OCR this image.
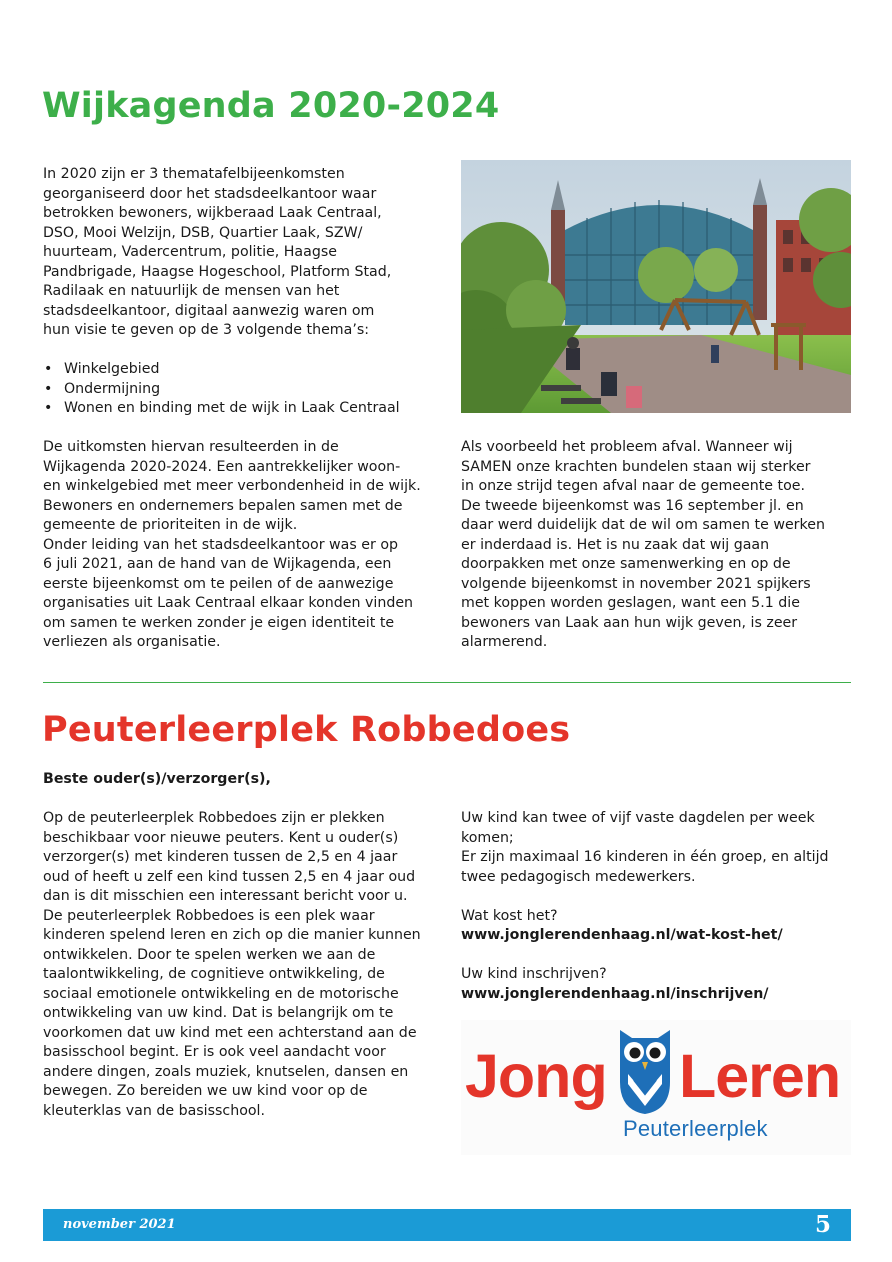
Wijkagenda 2020-2024

In 2020 zijn er 3 thematafelbijeenkomsten

georganiseerd door het stadsdeelkantoor waar

betrokken bewoners, wijkberaad Laak Centraal,

DSO, Mooi Welzijn, DSB, Quartier Laak, SZW/

huurteam, Vadercentrum, politie, Haagse

Pandbrigade, Haagse Hogeschool, Platform Stad,

Radilaak en natuurlijk de mensen van het

stadsdeelkantoor, digitaal aanwezig waren om

hun visie te geven op de 3 volgende thema’s:

• Winkelgebied
• Ondermijning
• Wonen en binding met de wijk in Laak Centraal

De uitkomsten hiervan resulteerden in de

Wijkagenda 2020-2024. Een aantrekkelijker woon-

en winkelgebied met meer verbondenheid in de wijk.

Bewoners en ondernemers bepalen samen met de

gemeente de prioriteiten in de wijk.

Onder leiding van het stadsdeelkantoor was er op

6 juli 2021, aan de hand van de Wijkagenda, een

eerste bijeenkomst om te peilen of de aanwezige

organisaties uit Laak Centraal elkaar konden vinden

om samen te werken zonder je eigen identiteit te

verliezen als organisatie.

Als voorbeeld het probleem afval. Wanneer wij

SAMEN onze krachten bundelen staan wij sterker

in onze strijd tegen afval naar de gemeente toe.

De tweede bijeenkomst was 16 september jl. en

daar werd duidelijk dat de wil om samen te werken

er inderdaad is. Het is nu zaak dat wij gaan

doorpakken met onze samenwerking en op de

volgende bijeenkomst in november 2021 spijkers

met koppen worden geslagen, want een 5.1 die

bewoners van Laak aan hun wijk geven, is zeer

alarmerend.

Peuterleerplek Robbedoes
Beste ouder(s)/verzorger(s),

Op de peuterleerplek Robbedoes zijn er plekken

beschikbaar voor nieuwe peuters. Kent u ouder(s)

verzorger(s) met kinderen tussen de 2,5 en 4 jaar

oud of heeft u zelf een kind tussen 2,5 en 4 jaar oud

dan is dit misschien een interessant bericht voor u.

De peuterleerplek Robbedoes is een plek waar

kinderen spelend leren en zich op die manier kunnen

ontwikkelen. Door te spelen werken we aan de

taalontwikkeling, de cognitieve ontwikkeling, de

sociaal emotionele ontwikkeling en de motorische

ontwikkeling van uw kind. Dat is belangrijk om te

voorkomen dat uw kind met een achterstand aan de

basisschool begint. Er is ook veel aandacht voor

andere dingen, zoals muziek, knutselen, dansen en

bewegen. Zo bereiden we uw kind voor op de

kleuterklas van de basisschool.

Uw kind kan twee of vijf vaste dagdelen per week

komen;

Er zijn maximaal 16 kinderen in één groep, en altijd

twee pedagogisch medewerkers.

Wat kost het?

www.jonglerendenhaag.nl/wat-kost-het/

Uw kind inschrijven?

www.jonglerendenhaag.nl/inschrijven/

Jong Leren
Peuterleerplek
november 2021	5
